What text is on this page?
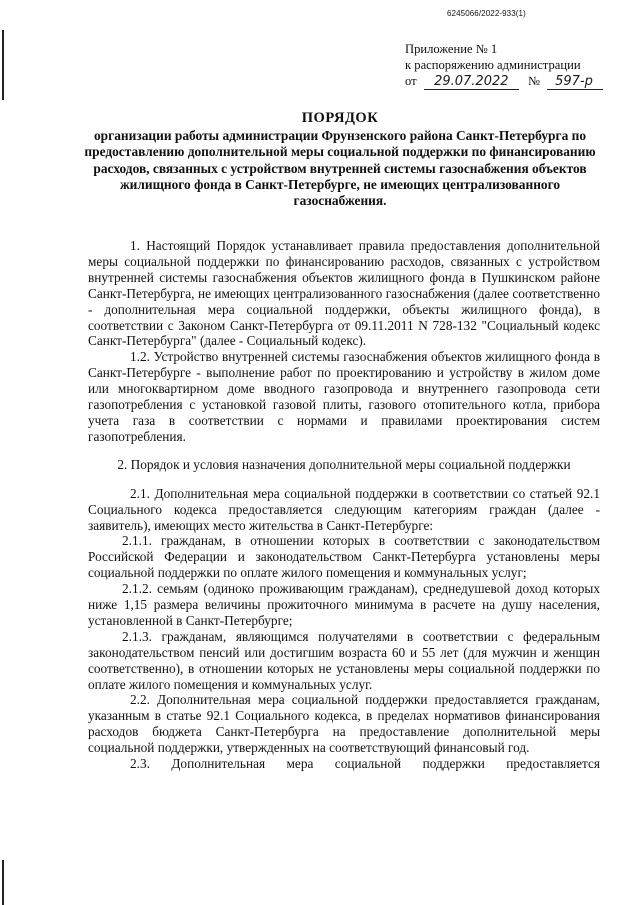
6245066/2022-933(1)
Приложение № 1
к распоряжению администрации
от 29.07.2022 № 597-р
ПОРЯДОК
организации работы администрации Фрунзенского района Санкт-Петербурга по предоставлению дополнительной меры социальной поддержки по финансированию расходов, связанных с устройством внутренней системы газоснабжения объектов жилищного фонда в Санкт-Петербурге, не имеющих централизованного газоснабжения.

1. Настоящий Порядок устанавливает правила предоставления дополнительной меры социальной поддержки по финансированию расходов, связанных с устройством внутренней системы газоснабжения объектов жилищного фонда в Пушкинском районе Санкт-Петербурга, не имеющих централизованного газоснабжения (далее соответственно - дополнительная мера социальной поддержки, объекты жилищного фонда), в соответствии с Законом Санкт-Петербурга от 09.11.2011 N 728-132 "Социальный кодекс Санкт-Петербурга" (далее - Социальный кодекс).

1.2. Устройство внутренней системы газоснабжения объектов жилищного фонда в Санкт-Петербурге - выполнение работ по проектированию и устройству в жилом доме или многоквартирном доме вводного газопровода и внутреннего газопровода сети газопотребления с установкой газовой плиты, газового отопительного котла, прибора учета газа в соответствии с нормами и правилами проектирования систем газопотребления.

2. Порядок и условия назначения дополнительной меры социальной поддержки

2.1. Дополнительная мера социальной поддержки в соответствии со статьей 92.1 Социального кодекса предоставляется следующим категориям граждан (далее - заявитель), имеющих место жительства в Санкт-Петербурге:

2.1.1. гражданам, в отношении которых в соответствии с законодательством Российской Федерации и законодательством Санкт-Петербурга установлены меры социальной поддержки по оплате жилого помещения и коммунальных услуг;

2.1.2. семьям (одиноко проживающим гражданам), среднедушевой доход которых ниже 1,15 размера величины прожиточного минимума в расчете на душу населения, установленной в Санкт-Петербурге;

2.1.3. гражданам, являющимся получателями в соответствии с федеральным законодательством пенсий или достигшим возраста 60 и 55 лет (для мужчин и женщин соответственно), в отношении которых не установлены меры социальной поддержки по оплате жилого помещения и коммунальных услуг.

2.2. Дополнительная мера социальной поддержки предоставляется гражданам, указанным в статье 92.1 Социального кодекса, в пределах нормативов финансирования расходов бюджета Санкт-Петербурга на предоставление дополнительной меры социальной поддержки, утвержденных на соответствующий финансовый год.

2.3. Дополнительная мера социальной поддержки предоставляется
